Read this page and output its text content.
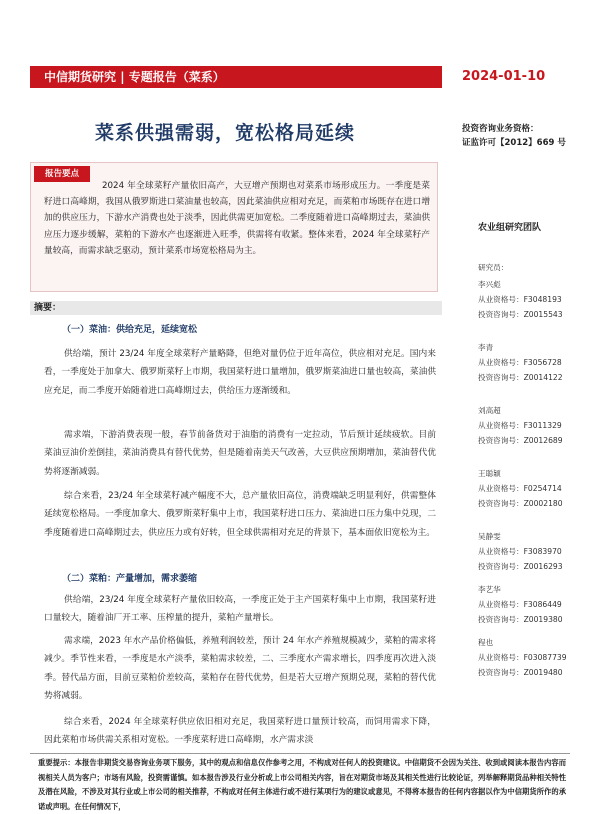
中信期货研究 | 专题报告（菜系）	2024-01-10
菜系供强需弱，宽松格局延续	投资咨询业务资格：
证监许可【2012】669 号
报告要点
2024 年全球菜籽产量依旧高产，大豆增产预期也对菜系市场形成压力。一季度是菜籽进口高峰期，我国从俄罗斯进口菜油量也较高，因此菜油供应相对充足，而菜粕市场既存在进口增加的供应压力，下游水产消费也处于淡季，因此供需更加宽松。二季度随着进口高峰期过去，菜油供应压力逐步缓解，菜粕的下游水产也逐渐进入旺季，供需将有收紧。整体来看，2024 年全球菜籽产量较高，而需求缺乏驱动，预计菜系市场宽松格局为主。
摘要：
（一）菜油：供给充足，延续宽松
供给端，预计 23/24 年度全球菜籽产量略降，但绝对量仍位于近年高位，供应相对充足。国内来看，一季度处于加拿大、俄罗斯菜籽上市期，我国菜籽进口量增加，俄罗斯菜油进口量也较高，菜油供应充足，而二季度开始随着进口高峰期过去，供给压力逐渐缓和。
需求端，下游消费表现一般，春节前备货对于油脂的消费有一定拉动，节后预计延续疲软。目前菜油豆油价差倒挂，菜油消费具有替代优势，但是随着南美天气改善，大豆供应预期增加，菜油替代优势将逐渐减弱。
综合来看，23/24 年全球菜籽减产幅度不大，总产量依旧高位，消费端缺乏明显利好，供需整体延续宽松格局。一季度加拿大、俄罗斯菜籽集中上市，我国菜籽进口压力、菜油进口压力集中兑现，二季度随着进口高峰期过去，供应压力或有好转，但全球供需相对充足的背景下，基本面依旧宽松为主。
（二）菜粕：产量增加，需求萎缩
供给端，23/24 年度全球菜籽产量依旧较高，一季度正处于主产国菜籽集中上市期，我国菜籽进口量较大，随着油厂开工率、压榨量的提升，菜粕产量增长。
需求端，2023 年水产品价格偏低，养殖利润较差，预计 24 年水产养殖规模减少，菜粕的需求将减少。季节性来看，一季度是水产淡季，菜粕需求较差，二、三季度水产需求增长，四季度再次进入淡季。替代品方面，目前豆菜粕价差较高，菜粕存在替代优势，但是若大豆增产预期兑现，菜粕的替代优势将减弱。
综合来看，2024 年全球菜籽供应依旧相对充足，我国菜籽进口量预计较高，而饲用需求下降，因此菜粕市场供需关系相对宽松。一季度菜籽进口高峰期，水产需求淡
农业组研究团队
研究员：
李兴彪
从业资格号：F3048193
投资咨询号：Z0015543
李青
从业资格号：F3056728
投资咨询号：Z0014122
刘高超
从业资格号：F3011329
投资咨询号：Z0012689
王聪颖
从业资格号：F0254714
投资咨询号：Z0002180
吴静雯
从业资格号：F3083970
投资咨询号：Z0016293
李艺华
从业资格号：F3086449
投资咨询号：Z0019380
程也
从业资格号：F03087739
投资咨询号：Z0019480
重要提示：本报告非期货交易咨询业务项下服务，其中的观点和信息仅作参考之用，不构成对任何人的投资建议。中信期货不会因为关注、收到或阅读本报告内容而视相关人员为客户；市场有风险，投资需谨慎。如本报告涉及行业分析或上市公司相关内容，旨在对期货市场及其相关性进行比较论证，列举解释期货品种相关特性及潜在风险，不涉及对其行业或上市公司的相关推荐，不构成对任何主体进行或不进行某项行为的建议或意见，不得将本报告的任何内容据以作为中信期货所作的承诺或声明。在任何情况下，
